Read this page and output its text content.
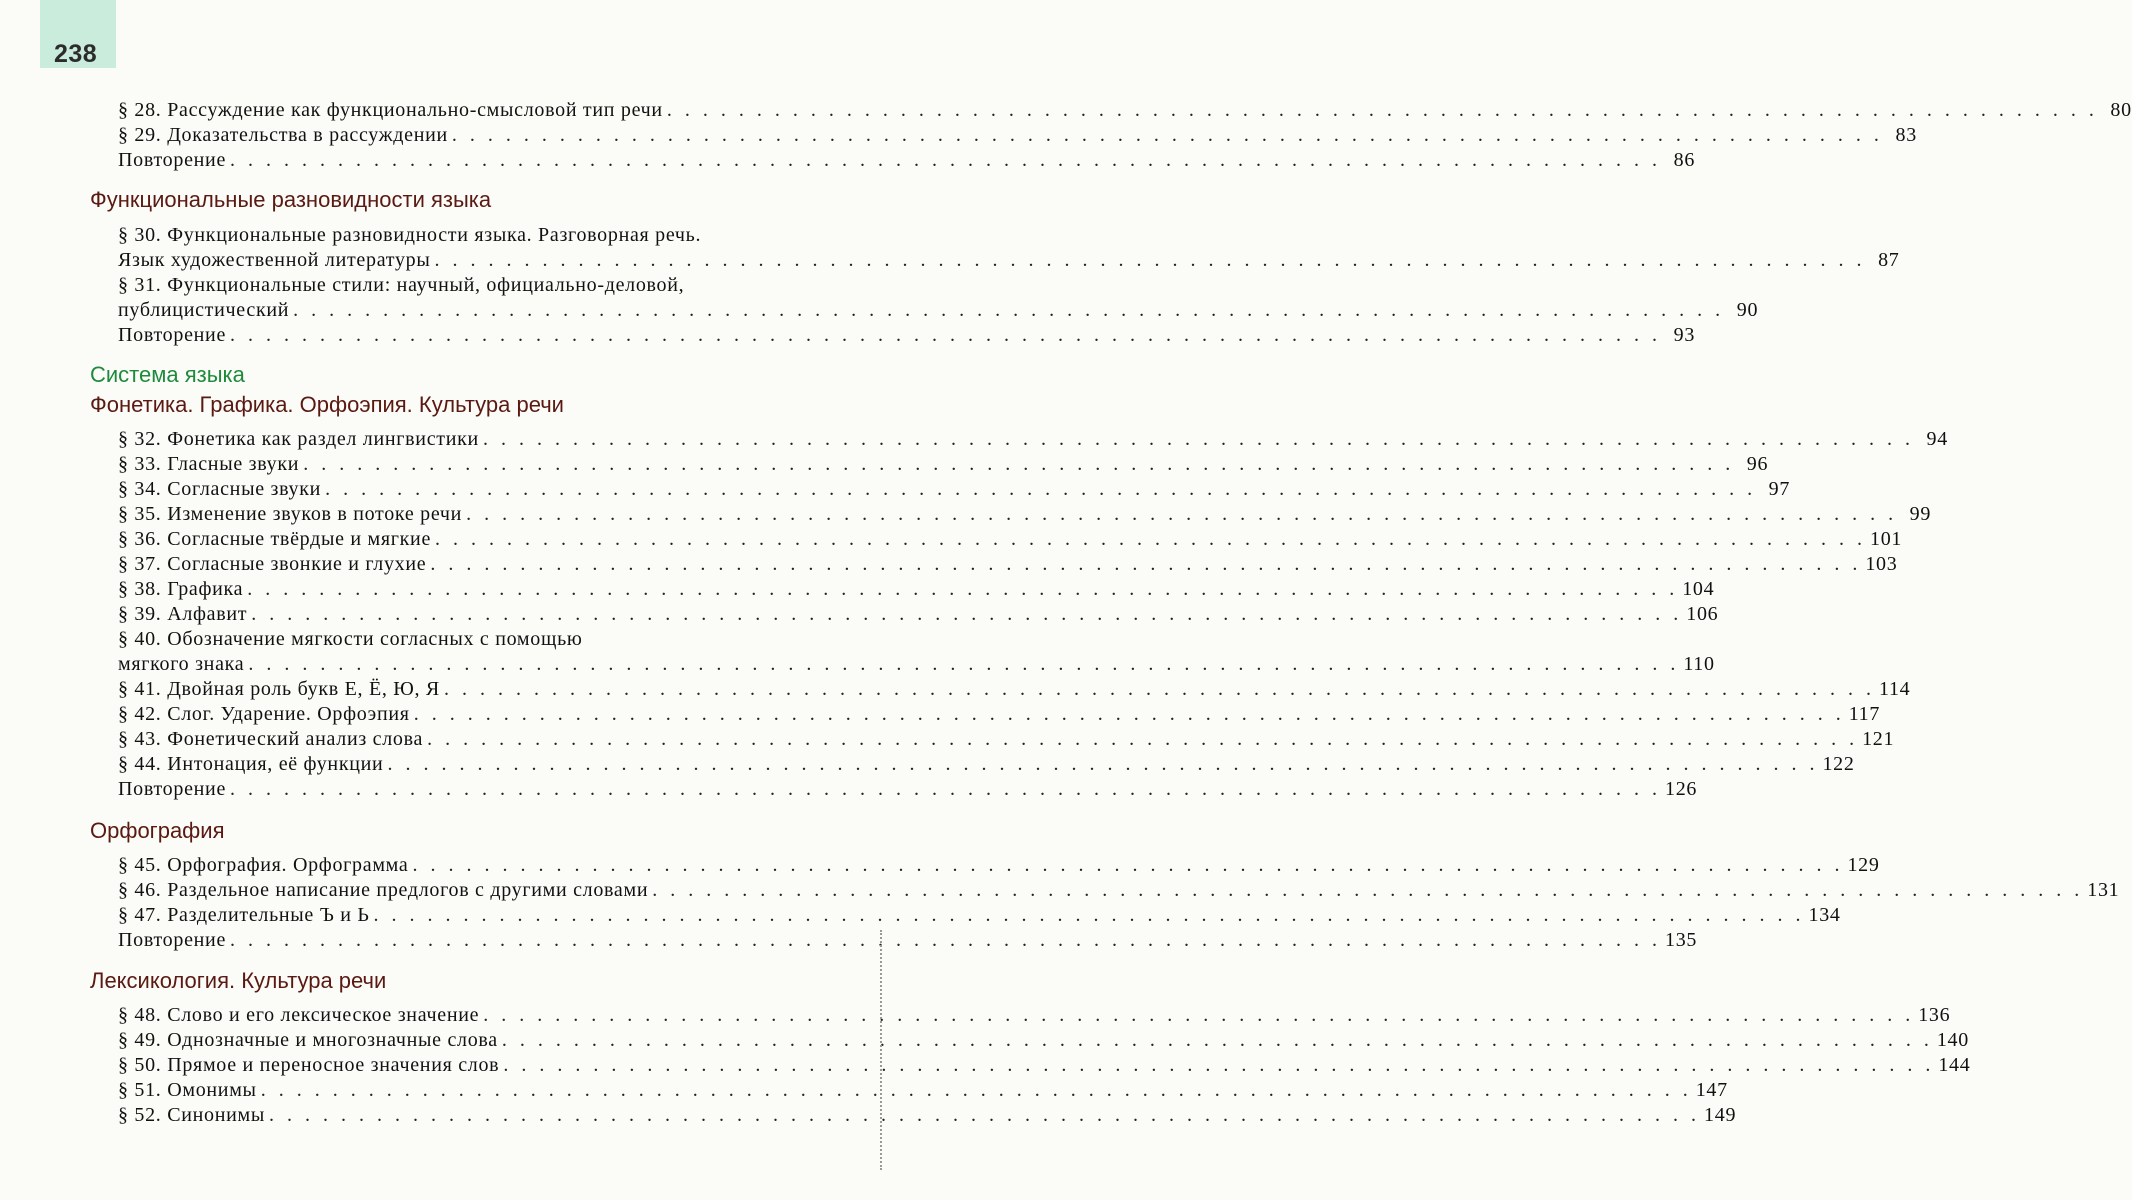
238
§ 28. Рассуждение как функционально-смысловой тип речи . . . . . . . . . . . . . . . . . . . . . . . . . . . . . . . . . . . . . . . . . . . . . . . . . . . . . . . . . . . . . . . . . . . . . . . . . . . . . . . . 80
§ 29. Доказательства в рассуждении . . . . . . . . . . . . . . . . . . . . . . . . . . . . . . . . . . . . . . . . . . . . . . . . . . . . . . . . . . . . . . . . . . . . . . . . . . . . . . . . 83
Повторение . . . . . . . . . . . . . . . . . . . . . . . . . . . . . . . . . . . . . . . . . . . . . . . . . . . . . . . . . . . . . . . . . . . . . . . . . . . . . . . . 86
Функциональные разновидности языка
§ 30. Функциональные разновидности языка. Разговорная речь.
Язык художественной литературы . . . . . . . . . . . . . . . . . . . . . . . . . . . . . . . . . . . . . . . . . . . . . . . . . . . . . . . . . . . . . . . . . . . . . . . . . . . . . . . . 87
§ 31. Функциональные стили: научный, официально-деловой,
публицистический . . . . . . . . . . . . . . . . . . . . . . . . . . . . . . . . . . . . . . . . . . . . . . . . . . . . . . . . . . . . . . . . . . . . . . . . . . . . . . . . 90
Повторение . . . . . . . . . . . . . . . . . . . . . . . . . . . . . . . . . . . . . . . . . . . . . . . . . . . . . . . . . . . . . . . . . . . . . . . . . . . . . . . . 93
Система языка
Фонетика. Графика. Орфоэпия. Культура речи
§ 32. Фонетика как раздел лингвистики . . . . . . . . . . . . . . . . . . . . . . . . . . . . . . . . . . . . . . . . . . . . . . . . . . . . . . . . . . . . . . . . . . . . . . . . . . . . . . . . 94
§ 33. Гласные звуки . . . . . . . . . . . . . . . . . . . . . . . . . . . . . . . . . . . . . . . . . . . . . . . . . . . . . . . . . . . . . . . . . . . . . . . . . . . . . . . . 96
§ 34. Согласные звуки . . . . . . . . . . . . . . . . . . . . . . . . . . . . . . . . . . . . . . . . . . . . . . . . . . . . . . . . . . . . . . . . . . . . . . . . . . . . . . . . 97
§ 35. Изменение звуков в потоке речи . . . . . . . . . . . . . . . . . . . . . . . . . . . . . . . . . . . . . . . . . . . . . . . . . . . . . . . . . . . . . . . . . . . . . . . . . . . . . . . . 99
§ 36. Согласные твёрдые и мягкие . . . . . . . . . . . . . . . . . . . . . . . . . . . . . . . . . . . . . . . . . . . . . . . . . . . . . . . . . . . . . . . . . . . . . . . . . . . . . . . . 101
§ 37. Согласные звонкие и глухие . . . . . . . . . . . . . . . . . . . . . . . . . . . . . . . . . . . . . . . . . . . . . . . . . . . . . . . . . . . . . . . . . . . . . . . . . . . . . . . . 103
§ 38. Графика . . . . . . . . . . . . . . . . . . . . . . . . . . . . . . . . . . . . . . . . . . . . . . . . . . . . . . . . . . . . . . . . . . . . . . . . . . . . . . . . 104
§ 39. Алфавит . . . . . . . . . . . . . . . . . . . . . . . . . . . . . . . . . . . . . . . . . . . . . . . . . . . . . . . . . . . . . . . . . . . . . . . . . . . . . . . . 106
§ 40. Обозначение мягкости согласных с помощью
мягкого знака . . . . . . . . . . . . . . . . . . . . . . . . . . . . . . . . . . . . . . . . . . . . . . . . . . . . . . . . . . . . . . . . . . . . . . . . . . . . . . . . 110
§ 41. Двойная роль букв Е, Ё, Ю, Я . . . . . . . . . . . . . . . . . . . . . . . . . . . . . . . . . . . . . . . . . . . . . . . . . . . . . . . . . . . . . . . . . . . . . . . . . . . . . . . . 114
§ 42. Слог. Ударение. Орфоэпия . . . . . . . . . . . . . . . . . . . . . . . . . . . . . . . . . . . . . . . . . . . . . . . . . . . . . . . . . . . . . . . . . . . . . . . . . . . . . . . . 117
§ 43. Фонетический анализ слова . . . . . . . . . . . . . . . . . . . . . . . . . . . . . . . . . . . . . . . . . . . . . . . . . . . . . . . . . . . . . . . . . . . . . . . . . . . . . . . . 121
§ 44. Интонация, её функции . . . . . . . . . . . . . . . . . . . . . . . . . . . . . . . . . . . . . . . . . . . . . . . . . . . . . . . . . . . . . . . . . . . . . . . . . . . . . . . . 122
Повторение . . . . . . . . . . . . . . . . . . . . . . . . . . . . . . . . . . . . . . . . . . . . . . . . . . . . . . . . . . . . . . . . . . . . . . . . . . . . . . . . 126
Орфография
§ 45. Орфография. Орфограмма . . . . . . . . . . . . . . . . . . . . . . . . . . . . . . . . . . . . . . . . . . . . . . . . . . . . . . . . . . . . . . . . . . . . . . . . . . . . . . . . 129
§ 46. Раздельное написание предлогов с другими словами . . . . . . . . . . . . . . . . . . . . . . . . . . . . . . . . . . . . . . . . . . . . . . . . . . . . . . . . . . . . . . . . . . . . . . . . . . . . . . . . 131
§ 47. Разделительные Ъ и Ь . . . . . . . . . . . . . . . . . . . . . . . . . . . . . . . . . . . . . . . . . . . . . . . . . . . . . . . . . . . . . . . . . . . . . . . . . . . . . . . . 134
Повторение . . . . . . . . . . . . . . . . . . . . . . . . . . . . . . . . . . . . . . . . . . . . . . . . . . . . . . . . . . . . . . . . . . . . . . . . . . . . . . . . 135
Лексикология. Культура речи
§ 48. Слово и его лексическое значение . . . . . . . . . . . . . . . . . . . . . . . . . . . . . . . . . . . . . . . . . . . . . . . . . . . . . . . . . . . . . . . . . . . . . . . . . . . . . . . . 136
§ 49. Однозначные и многозначные слова . . . . . . . . . . . . . . . . . . . . . . . . . . . . . . . . . . . . . . . . . . . . . . . . . . . . . . . . . . . . . . . . . . . . . . . . . . . . . . . . 140
§ 50. Прямое и переносное значения слов . . . . . . . . . . . . . . . . . . . . . . . . . . . . . . . . . . . . . . . . . . . . . . . . . . . . . . . . . . . . . . . . . . . . . . . . . . . . . . . . 144
§ 51. Омонимы . . . . . . . . . . . . . . . . . . . . . . . . . . . . . . . . . . . . . . . . . . . . . . . . . . . . . . . . . . . . . . . . . . . . . . . . . . . . . . . . 147
§ 52. Синонимы . . . . . . . . . . . . . . . . . . . . . . . . . . . . . . . . . . . . . . . . . . . . . . . . . . . . . . . . . . . . . . . . . . . . . . . . . . . . . . . . 149
